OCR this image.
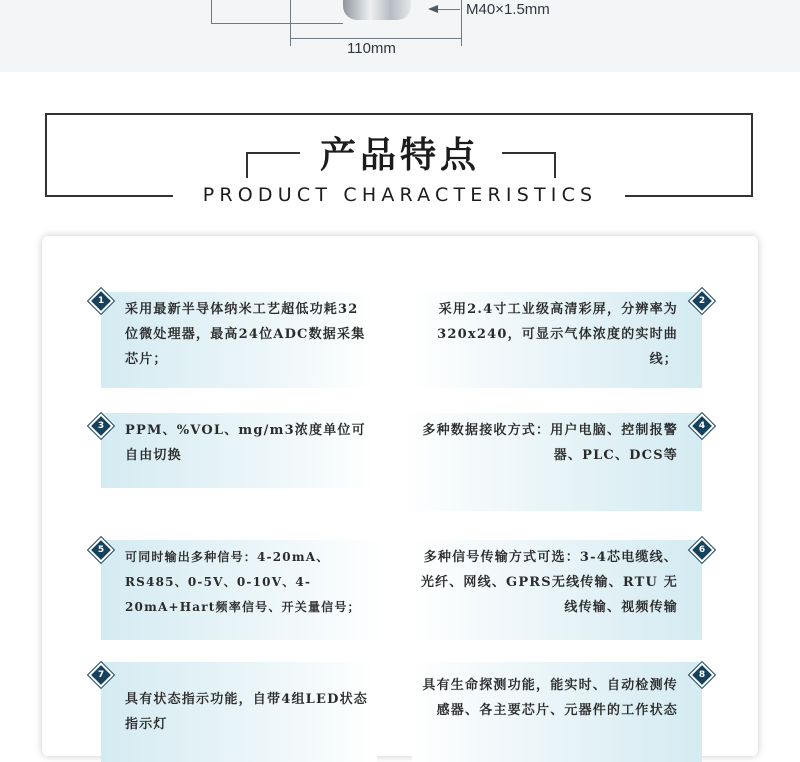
M40×1.5mm
110mm
产品特点
PRODUCT CHARACTERISTICS
采用最新半导体纳米工艺超低功耗32位微处理器，最高24位ADC数据采集芯片；
1
采用2.4寸工业级高清彩屏，分辨率为320x240，可显示气体浓度的实时曲线；
2
PPM、%VOL、mg/m3浓度单位可自由切换
3	多种数据接收方式：用户电脑、控制报警器、PLC、DCS等
4
可同时输出多种信号：4-20mA、RS485、0-5V、0-10V、4-20mA+Hart频率信号、开关量信号；
5	多种信号传输方式可选：3-4芯电缆线、光纤、网线、GPRS无线传输、RTU 无线传输、视频传输
6
具有状态指示功能，自带4组LED状态指示灯
7
具有生命探测功能，能实时、自动检测传感器、各主要芯片、元器件的工作状态
8
